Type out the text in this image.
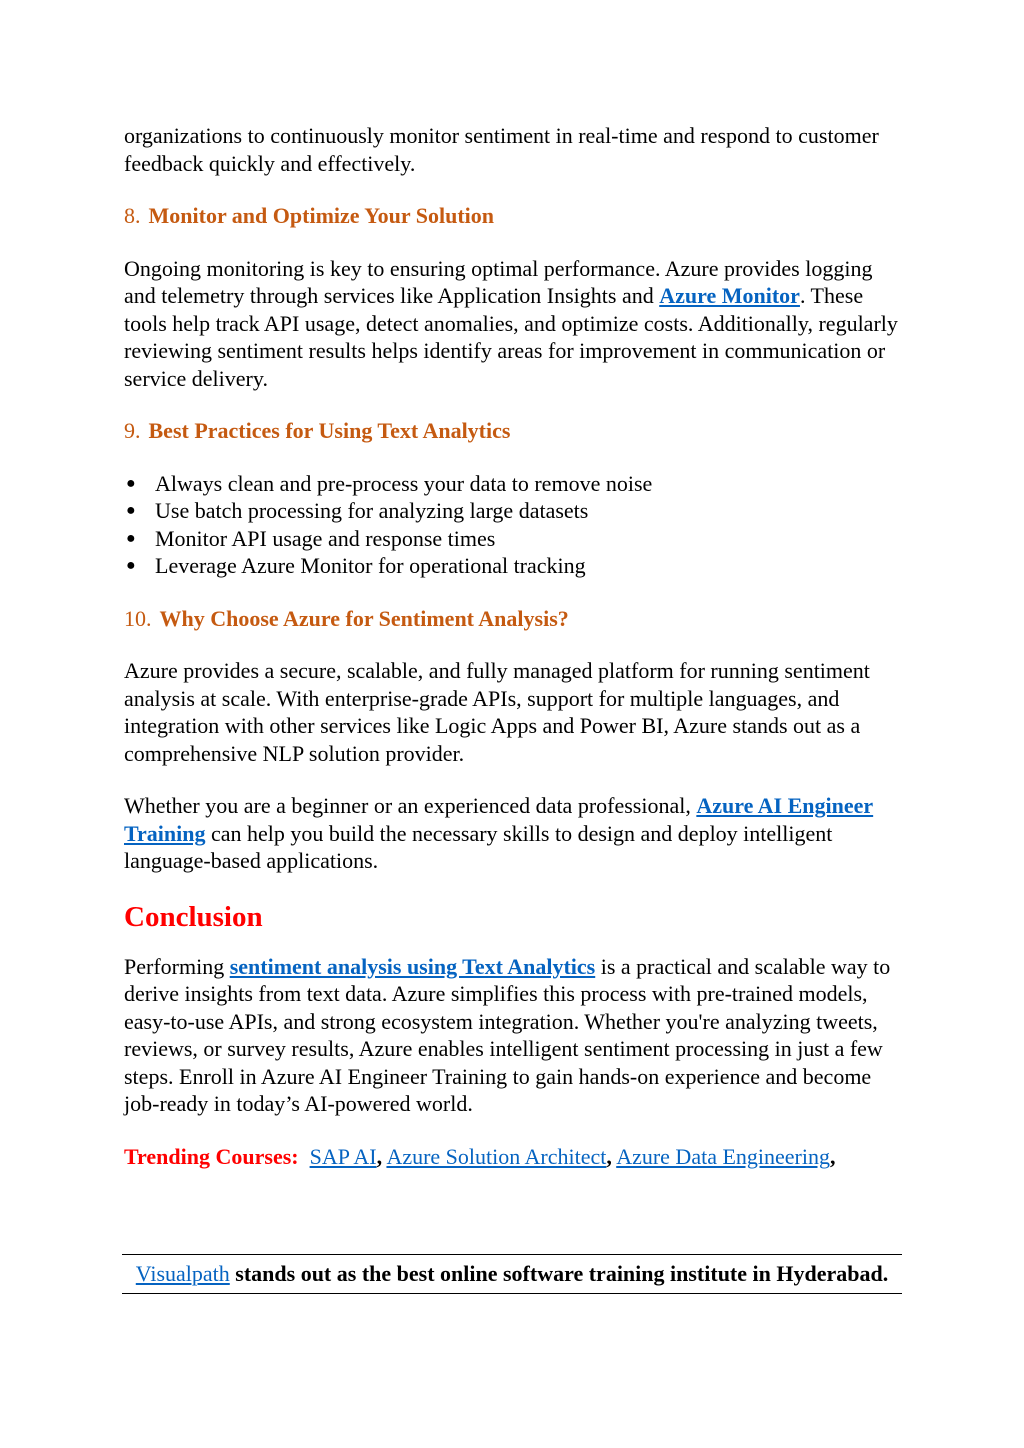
organizations to continuously monitor sentiment in real-time and respond to customer feedback quickly and effectively.

8. Monitor and Optimize Your Solution

Ongoing monitoring is key to ensuring optimal performance. Azure provides logging and telemetry through services like Application Insights and Azure Monitor. These tools help track API usage, detect anomalies, and optimize costs. Additionally, regularly reviewing sentiment results helps identify areas for improvement in communication or service delivery.

9. Best Practices for Using Text Analytics
● Always clean and pre-process your data to remove noise
● Use batch processing for analyzing large datasets
● Monitor API usage and response times
● Leverage Azure Monitor for operational tracking
10. Why Choose Azure for Sentiment Analysis?

Azure provides a secure, scalable, and fully managed platform for running sentiment analysis at scale. With enterprise-grade APIs, support for multiple languages, and integration with other services like Logic Apps and Power BI, Azure stands out as a comprehensive NLP solution provider.

Whether you are a beginner or an experienced data professional, Azure AI Engineer Training can help you build the necessary skills to design and deploy intelligent language-based applications.

Conclusion

Performing sentiment analysis using Text Analytics is a practical and scalable way to derive insights from text data. Azure simplifies this process with pre-trained models, easy-to-use APIs, and strong ecosystem integration. Whether you're analyzing tweets, reviews, or survey results, Azure enables intelligent sentiment processing in just a few steps. Enroll in Azure AI Engineer Training to gain hands-on experience and become job-ready in today’s AI-powered world.

Trending Courses: SAP AI, Azure Solution Architect, Azure Data Engineering,

Visualpath stands out as the best online software training institute in Hyderabad.
